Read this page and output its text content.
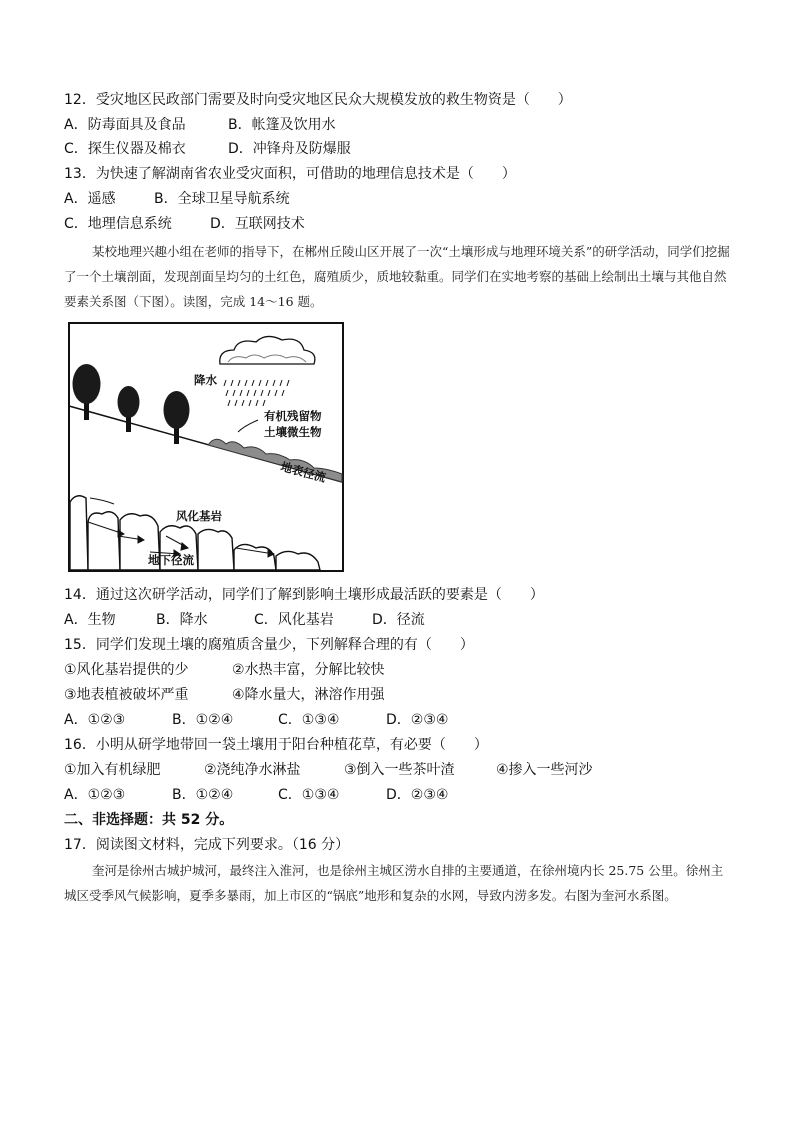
12．受灾地区民政部门需要及时向受灾地区民众大规模发放的救生物资是（　　）
A．防毒面具及食品	B．帐篷及饮用水
C．探生仪器及棉衣	D．冲锋舟及防爆服
13．为快速了解湖南省农业受灾面积，可借助的地理信息技术是（　　）
A．遥感	B．全球卫星导航系统
C．地理信息系统	D．互联网技术

某校地理兴趣小组在老师的指导下，在郴州丘陵山区开展了一次“土壤形成与地理环境关系”的研学活动，同学们挖掘了一个土壤剖面，发现剖面呈均匀的土红色，腐殖质少，质地较黏重。同学们在实地考察的基础上绘制出土壤与其他自然要素关系图（下图）。读图，完成 14～16 题。

降水
有机残留物
土壤微生物
地表径流
风化基岩
地下径流
14．通过这次研学活动，同学们了解到影响土壤形成最活跃的要素是（　　）
A．生物	B．降水	C．风化基岩	D．径流
15．同学们发现土壤的腐殖质含量少，下列解释合理的有（　　）
①风化基岩提供的少	②水热丰富，分解比较快
③地表植被破坏严重	④降水量大，淋溶作用强
A．①②③	B．①②④	C．①③④	D．②③④
16．小明从研学地带回一袋土壤用于阳台种植花草，有必要（　　）
①加入有机绿肥	②浇纯净水淋盐	③倒入一些茶叶渣	④掺入一些河沙
A．①②③	B．①②④	C．①③④	D．②③④
二、非选择题：共 52 分。
17．阅读图文材料，完成下列要求。（16 分）

奎河是徐州古城护城河，最终注入淮河，也是徐州主城区涝水自排的主要通道，在徐州境内长 25.75 公里。徐州主城区受季风气候影响，夏季多暴雨，加上市区的“锅底”地形和复杂的水网，导致内涝多发。右图为奎河水系图。
